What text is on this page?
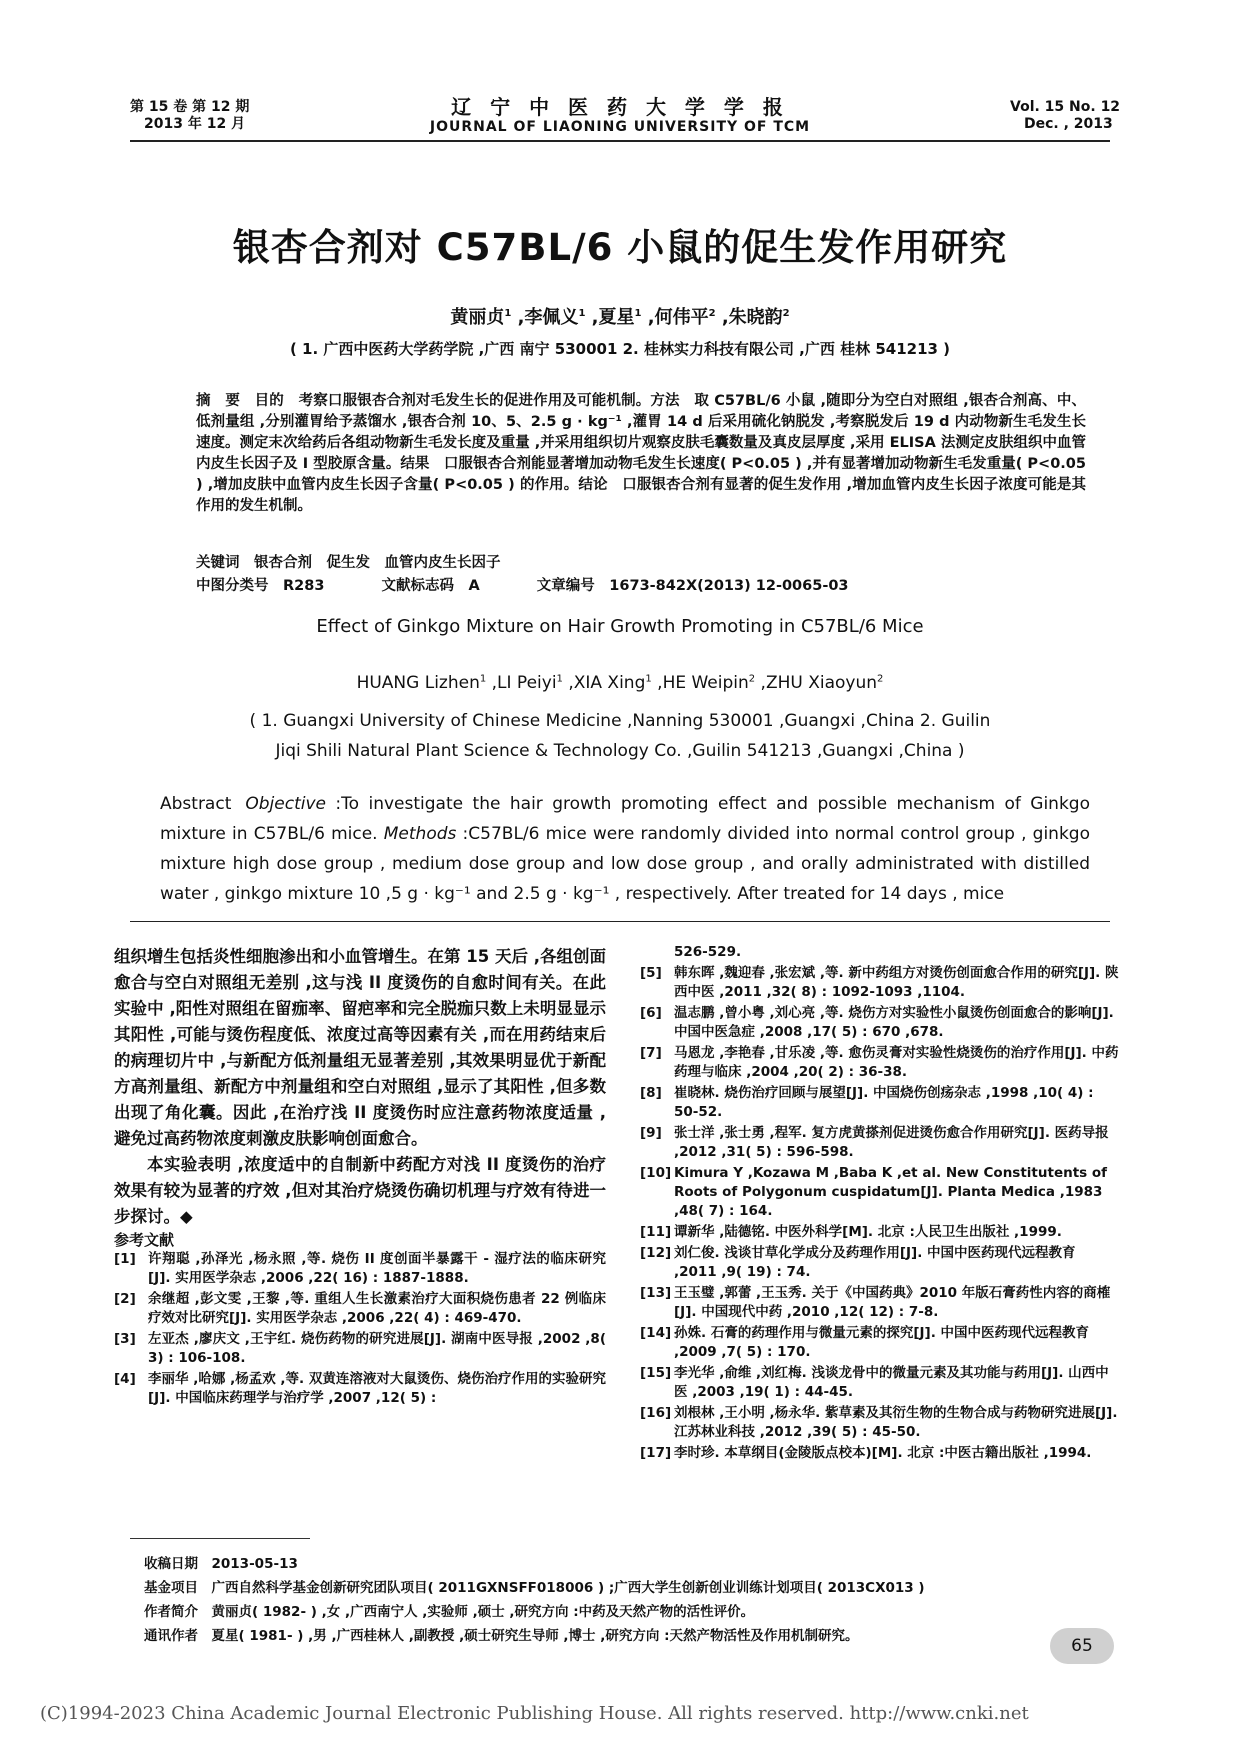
第 15 卷 第 12 期
2013 年 12 月
辽 宁 中 医 药 大 学 学 报
JOURNAL OF LIAONING UNIVERSITY OF TCM
Vol. 15 No. 12
Dec. , 2013
银杏合剂对 C57BL/6 小鼠的促生发作用研究
黄丽贞$^1$ ,李佩义$^1$ ,夏星$^1$ ,何伟平$^2$ ,朱晓韵$^2$
( 1. 广西中医药大学药学院 ,广西 南宁 530001 2. 桂林实力科技有限公司 ,广西 桂林 541213 )
摘　要　目的　考察口服银杏合剂对毛发生长的促进作用及可能机制。方法　取 C57BL/6 小鼠 ,随即分为空白对照组 ,银杏合剂高、中、低剂量组 ,分别灌胃给予蒸馏水 ,银杏合剂 10、5、2.5 g · kg⁻¹ ,灌胃 14 d 后采用硫化钠脱发 ,考察脱发后 19 d 内动物新生毛发生长速度。测定末次给药后各组动物新生毛发长度及重量 ,并采用组织切片观察皮肤毛囊数量及真皮层厚度 ,采用 ELISA 法测定皮肤组织中血管内皮生长因子及 I 型胶原含量。结果　口服银杏合剂能显著增加动物毛发生长速度( P<0.05 ) ,并有显著增加动物新生毛发重量( P<0.05 ) ,增加皮肤中血管内皮生长因子含量( P<0.05 ) 的作用。结论　口服银杏合剂有显著的促生发作用 ,增加血管内皮生长因子浓度可能是其作用的发生机制。
关键词　银杏合剂　促生发　血管内皮生长因子
中图分类号　R283	文献标志码　A	文章编号　1673-842X(2013) 12-0065-03
Effect of Ginkgo Mixture on Hair Growth Promoting in C57BL/6 Mice
HUANG Lizhen$^1$ ,LI Peiyi$^1$ ,XIA Xing$^1$ ,HE Weipin$^2$ ,ZHU Xiaoyun$^2$
( 1. Guangxi University of Chinese Medicine ,Nanning 530001 ,Guangxi ,China 2. Guilin
Jiqi Shili Natural Plant Science & Technology Co. ,Guilin 541213 ,Guangxi ,China )
Abstract Objective :To investigate the hair growth promoting effect and possible mechanism of Ginkgo mixture in C57BL/6 mice. Methods :C57BL/6 mice were randomly divided into normal control group , ginkgo mixture high dose group , medium dose group and low dose group , and orally administrated with distilled water , ginkgo mixture 10 ,5 g · kg⁻¹ and 2.5 g · kg⁻¹ , respectively. After treated for 14 days , mice

组织增生包括炎性细胞渗出和小血管增生。在第 15 天后 ,各组创面愈合与空白对照组无差别 ,这与浅 II 度烫伤的自愈时间有关。在此实验中 ,阳性对照组在留痂率、留疤率和完全脱痂只数上未明显显示其阳性 ,可能与烫伤程度低、浓度过高等因素有关 ,而在用药结束后的病理切片中 ,与新配方低剂量组无显著差别 ,其效果明显优于新配方高剂量组、新配方中剂量组和空白对照组 ,显示了其阳性 ,但多数出现了角化囊。因此 ,在治疗浅 II 度烫伤时应注意药物浓度适量 ,避免过高药物浓度刺激皮肤影响创面愈合。

本实验表明 ,浓度适中的自制新中药配方对浅 II 度烫伤的治疗效果有较为显著的疗效 ,但对其治疗烧烫伤确切机理与疗效有待进一步探讨。◆

参考文献
[1] 许翔聪 ,孙泽光 ,杨永照 ,等. 烧伤 II 度创面半暴露干 - 湿疗法的临床研究[J]. 实用医学杂志 ,2006 ,22( 16) : 1887-1888.
[2] 余继超 ,彭文雯 ,王黎 ,等. 重组人生长激素治疗大面积烧伤患者 22 例临床疗效对比研究[J]. 实用医学杂志 ,2006 ,22( 4) : 469-470.
[3] 左亚杰 ,廖庆文 ,王宇红. 烧伤药物的研究进展[J]. 湖南中医导报 ,2002 ,8( 3) : 106-108.
[4] 李丽华 ,哈娜 ,杨孟欢 ,等. 双黄连溶液对大鼠烫伤、烧伤治疗作用的实验研究[J]. 中国临床药理学与治疗学 ,2007 ,12( 5) :
526-529.
[5] 韩东晖 ,魏迎春 ,张宏斌 ,等. 新中药组方对烫伤创面愈合作用的研究[J]. 陕西中医 ,2011 ,32( 8) : 1092-1093 ,1104.
[6] 温志鹏 ,曾小粤 ,刘心亮 ,等. 烧伤方对实验性小鼠烫伤创面愈合的影响[J]. 中国中医急症 ,2008 ,17( 5) : 670 ,678.
[7] 马恩龙 ,李艳春 ,甘乐凌 ,等. 愈伤灵膏对实验性烧烫伤的治疗作用[J]. 中药药理与临床 ,2004 ,20( 2) : 36-38.
[8] 崔晓林. 烧伤治疗回顾与展望[J]. 中国烧伤创疡杂志 ,1998 ,10( 4) : 50-52.
[9] 张士洋 ,张士勇 ,程军. 复方虎黄搽剂促进烫伤愈合作用研究[J]. 医药导报 ,2012 ,31( 5) : 596-598.
[10] Kimura Y ,Kozawa M ,Baba K ,et al. New Constitutents of Roots of Polygonum cuspidatum[J]. Planta Medica ,1983 ,48( 7) : 164.
[11] 谭新华 ,陆德铭. 中医外科学[M]. 北京 :人民卫生出版社 ,1999.
[12] 刘仁俊. 浅谈甘草化学成分及药理作用[J]. 中国中医药现代远程教育 ,2011 ,9( 19) : 74.
[13] 王玉璧 ,郭蕾 ,王玉秀. 关于《中国药典》2010 年版石膏药性内容的商榷[J]. 中国现代中药 ,2010 ,12( 12) : 7-8.
[14] 孙姝. 石膏的药理作用与微量元素的探究[J]. 中国中医药现代远程教育 ,2009 ,7( 5) : 170.
[15] 李光华 ,俞维 ,刘红梅. 浅谈龙骨中的微量元素及其功能与药用[J]. 山西中医 ,2003 ,19( 1) : 44-45.
[16] 刘根林 ,王小明 ,杨永华. 紫草素及其衍生物的生物合成与药物研究进展[J]. 江苏林业科技 ,2012 ,39( 5) : 45-50.
[17] 李时珍. 本草纲目(金陵版点校本)[M]. 北京 :中医古籍出版社 ,1994.
收稿日期　2013-05-13
基金项目　广西自然科学基金创新研究团队项目( 2011GXNSFF018006 ) ;广西大学生创新创业训练计划项目( 2013CX013 )
作者简介　黄丽贞( 1982- ) ,女 ,广西南宁人 ,实验师 ,硕士 ,研究方向 :中药及天然产物的活性评价。
通讯作者　夏星( 1981- ) ,男 ,广西桂林人 ,副教授 ,硕士研究生导师 ,博士 ,研究方向 :天然产物活性及作用机制研究。	65
(C)1994-2023 China Academic Journal Electronic Publishing House. All rights reserved. http://www.cnki.net
